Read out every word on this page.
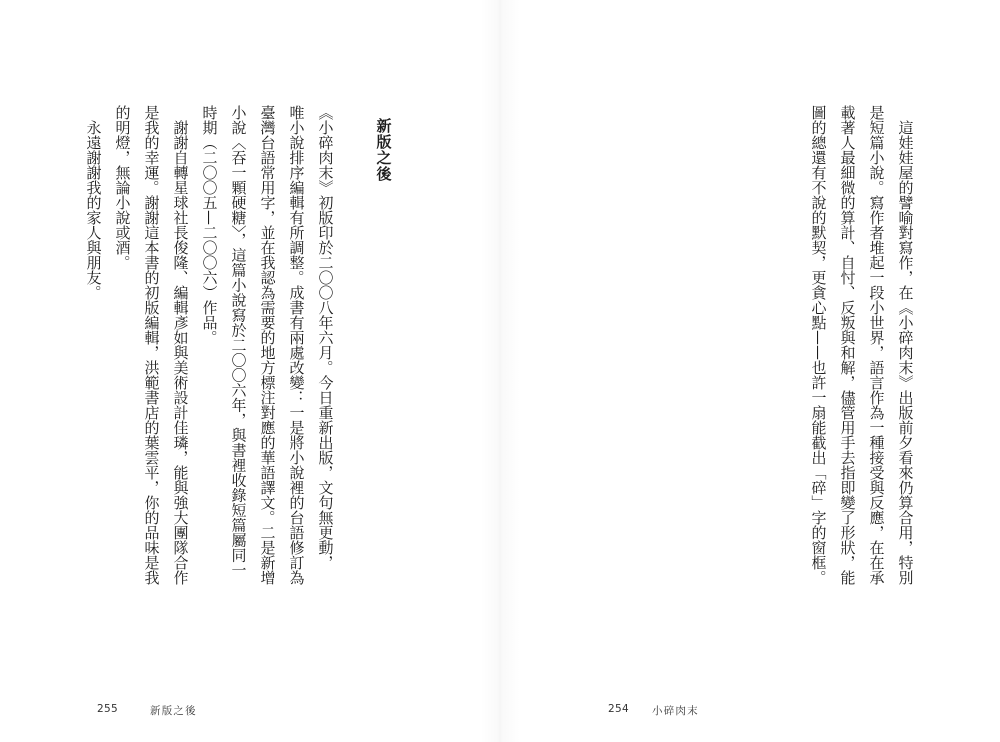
新版之後
《小碎肉末》初版印於二〇〇八年六月。今日重新出版，文句無更動，
唯小說排序編輯有所調整。成書有兩處改變：一是將小說裡的台語修訂為
臺灣台語常用字，並在我認為需要的地方標注對應的華語譯文。二是新增
小說〈吞一顆硬糖〉，這篇小說寫於二〇〇六年，與書裡收錄短篇屬同一
時期（二〇〇五—二〇〇六）作品。
謝謝自轉星球社長俊隆、編輯彥如與美術設計佳璘，能與強大團隊合作
是我的幸運。謝謝這本書的初版編輯，洪範書店的葉雲平，你的品味是我
的明燈，無論小說或酒。
永遠謝謝我的家人與朋友。
255	新版之後
這娃娃屋的譬喻對寫作，在《小碎肉末》出版前夕看來仍算合用，特別
是短篇小說。寫作者堆起一段小世界，語言作為一種接受與反應，在在承
載著人最細微的算計、自忖、反叛與和解，儘管用手去指即變了形狀，能
圖的總還有不說的默契，更貪心點——也許一扇能截出「碎」字的窗框。
254 小碎肉末
